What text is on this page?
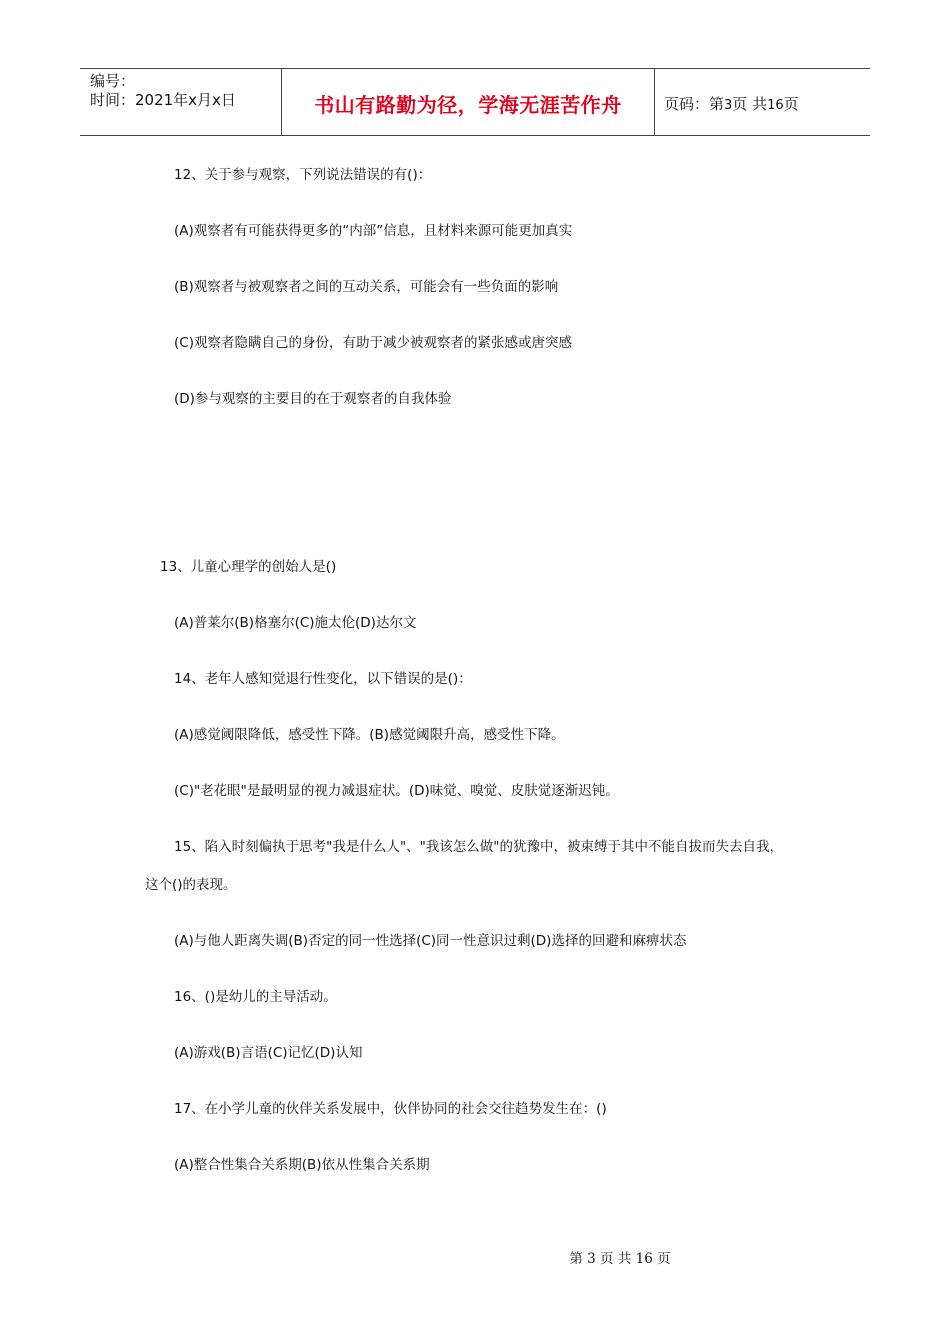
编号：
时间：2021年x月x日	书山有路勤为径，学海无涯苦作舟	页码：第3页 共16页
12、关于参与观察，下列说法错误的有()：
(A)观察者有可能获得更多的“内部”信息，且材料来源可能更加真实
(B)观察者与被观察者之间的互动关系，可能会有一些负面的影响
(C)观察者隐瞒自己的身份，有助于减少被观察者的紧张感或唐突感
(D)参与观察的主要目的在于观察者的自我体验
13、儿童心理学的创始人是()
(A)普莱尔(B)格塞尔(C)施太伦(D)达尔文
14、老年人感知觉退行性变化，以下错误的是()：
(A)感觉阈限降低，感受性下降。(B)感觉阈限升高，感受性下降。
(C)"老花眼"是最明显的视力减退症状。(D)味觉、嗅觉、皮肤觉逐渐迟钝。
15、陷入时刻偏执于思考"我是什么人"、"我该怎么做"的犹豫中，被束缚于其中不能自拔而失去自我，
这个()的表现。
(A)与他人距离失调(B)否定的同一性选择(C)同一性意识过剩(D)选择的回避和麻痹状态
16、()是幼儿的主导活动。
(A)游戏(B)言语(C)记忆(D)认知
17、在小学儿童的伙伴关系发展中，伙伴协同的社会交往趋势发生在：()
(A)整合性集合关系期(B)依从性集合关系期
第 3 页 共 16 页
